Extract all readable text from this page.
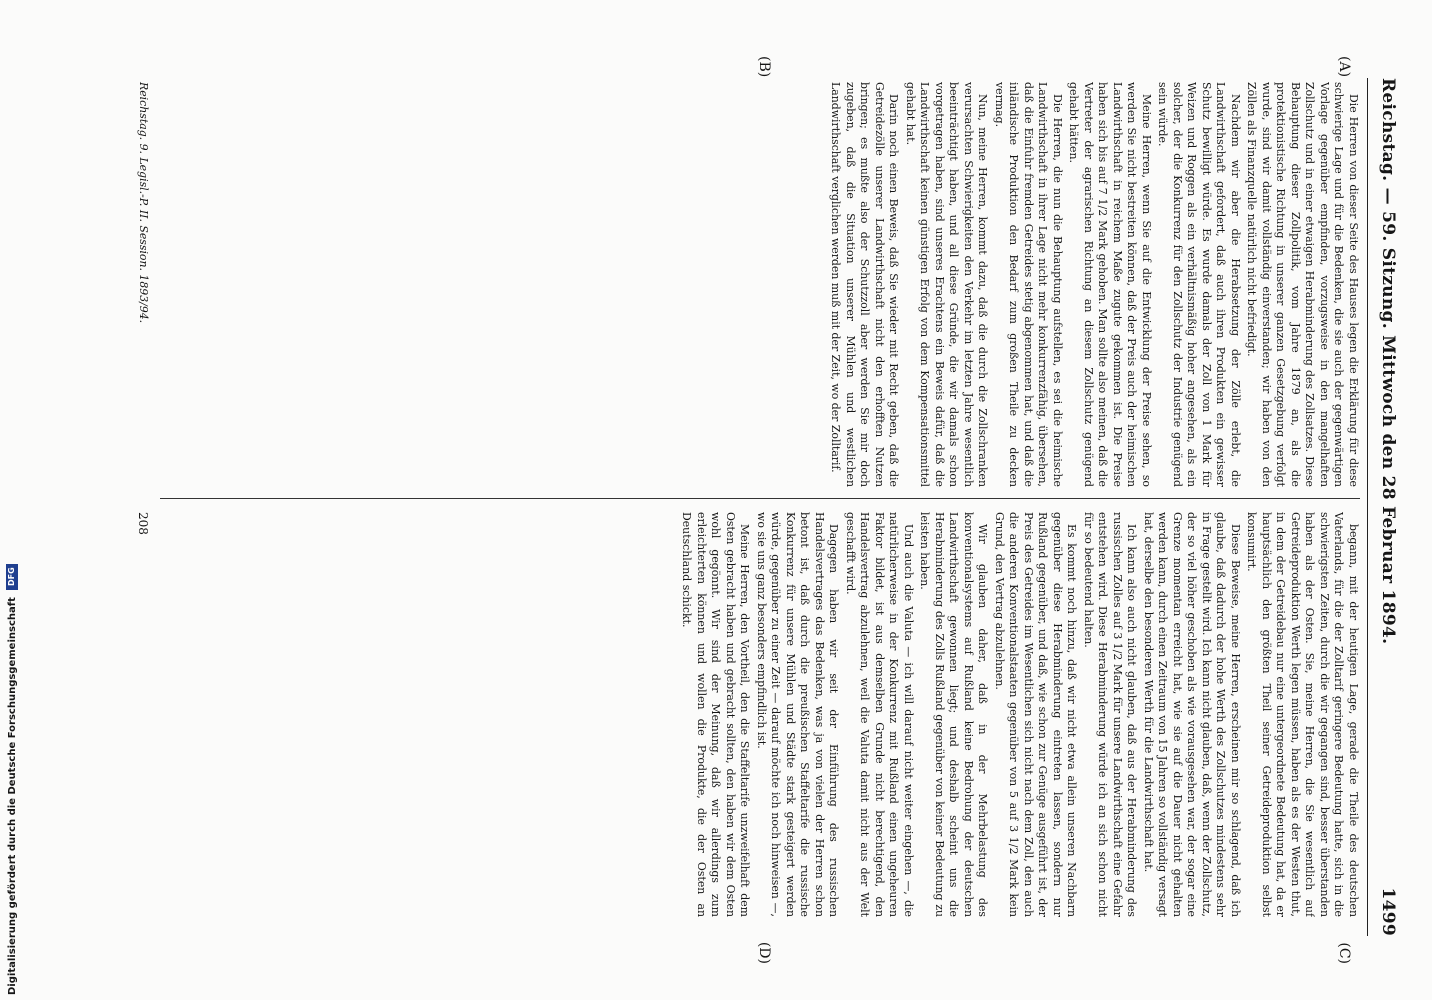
Reichstag. — 59. Sitzung. Mittwoch den 28 Februar 1894.
1499
(A)
(B)
(C)
(D)

Die Herren von dieser Seite des Hauses legen die Erklärung für diese schwierige Lage und für die Bedenken, die sie auch der gegenwärtigen Vorlage gegenüber empfinden, vorzugsweise in den mangelhaften Zollschutz und in einer etwaigen Herabminderung des Zollsatzes. Diese Behauptung dieser Zollpolitik, vom Jahre 1879 an, als die protektionistische Richtung in unserer ganzen Gesetzgebung verfolgt wurde, sind wir damit vollständig einverstanden; wir haben von den Zöllen als Finanzquelle natürlich nicht befriedigt.

Nachdem wir aber die Herabsetzung der Zölle erlebt, die Landwirthschaft gefordert, daß auch ihren Produkten ein gewisser Schutz bewilligt würde. Es wurde damals der Zoll von 1 Mark für Weizen und Roggen als ein verhältnismäßig hoher angesehen, als ein solcher, der die Konkurrenz für den Zollschutz der Industrie genügend sein würde.

Meine Herren, wenn Sie auf die Entwicklung der Preise sehen, so werden Sie nicht bestreiten können, daß der Preis auch der heimischen Landwirthschaft in reichem Maße zugute gekommen ist. Die Preise haben sich bis auf 7 1/2 Mark gehoben. Man sollte also meinen, daß die Vertreter der agrarischen Richtung an diesem Zollschutz genügend gehabt hätten.

Die Herren, die nun die Behauptung aufstellen, es sei die heimische Landwirthschaft in ihrer Lage nicht mehr konkurrenzfähig, übersehen, daß die Einfuhr fremden Getreides stetig abgenommen hat, und daß die inländische Produktion den Bedarf zum großen Theile zu decken vermag.

Nun, meine Herren, kommt dazu, daß die durch die Zollschranken verursachten Schwierigkeiten den Verkehr im letzten Jahre wesentlich beeinträchtigt haben, und all diese Gründe, die wir damals schon vorgetragen haben, sind unseres Erachtens ein Beweis dafür, daß die Landwirthschaft keinen günstigen Erfolg von dem Kompensationsmittel gehabt hat.

Darin noch einen Beweis, daß Sie wieder mit Recht geben, daß die Getreidezölle unserer Landwirthschaft nicht den erhofften Nutzen bringen; es mußte also der Schutzzoll aber werden Sie mir doch zugeben, daß die Situation unserer Mühlen und westlichen Landwirthschaft verglichen werden muß mit der Zeit, wo der Zolltarif.

begann, mit der heutigen Lage, gerade die Theile des deutschen Vaterlands, für die der Zolltarif geringere Bedeutung hatte, sich in die schwierigsten Zeiten, durch die wir gegangen sind, besser überstanden haben als der Osten. Sie, meine Herren, die Sie wesentlich auf Getreideproduktion Werth legen müssen, haben als es der Westen thut, in dem der Getreidebau nur eine untergeordnete Bedeutung hat, da er hauptsächlich den größten Theil seiner Getreideproduktion selbst konsumirt.

Diese Beweise, meine Herren, erscheinen mir so schlagend, daß ich glaube, daß dadurch der hohe Werth des Zollschutzes mindestens sehr in Frage gestellt wird. Ich kann nicht glauben, daß, wenn der Zollschutz, der so viel höher geschoben als wie vorausgesehen war, der sogar eine Grenze momentan erreicht hat, wie sie auf die Dauer nicht gehalten werden kann, durch einen Zeitraum von 15 Jahren so vollständig versagt hat, derselbe den besonderen Werth für die Landwirthschaft hat.

Ich kann also auch nicht glauben, daß aus der Herabminderung des russischen Zolles auf 3 1/2 Mark für unsere Landwirthschaft eine Gefahr entstehen wird. Diese Herabminderung würde ich an sich schon nicht für so bedeutend halten.

Es kommt noch hinzu, daß wir nicht etwa allein unseren Nachbarn gegenüber diese Herabminderung eintreten lassen, sondern nur Rußland gegenüber, und daß, wie schon zur Genüge ausgeführt ist, der Preis des Getreides im Wesentlichen sich nicht nach dem Zoll, den auch die anderen Konventionalstaaten gegenüber von 5 auf 3 1/2 Mark kein Grund, den Vertrag abzulehnen.

Wir glauben daher, daß in der Mehrbelastung des konventionalsystems auf Rußland keine Bedrohung der deutschen Landwirthschaft gewonnen liegt; und deshalb scheint uns die Herabminderung des Zolls Rußland gegenüber von keiner Bedeutung zu leisten haben.

Und auch die Valuta — ich will darauf nicht weiter eingehen —, die natürlicherweise in der Konkurrenz mit Rußland einen ungeheuren Faktor bildet, ist aus demselben Grunde nicht berechtigend, den Handelsvertrag abzulehnen, weil die Valuta damit nicht aus der Welt geschafft wird.

Dagegen haben wir seit der Einführung des russischen Handelsvertrages das Bedenken, was ja von vielen der Herren schon betont ist, daß durch die preußischen Staffeltarife die russische Konkurrenz für unsere Mühlen und Städte stark gesteigert werden würde, gegenüber zu einer Zeit — darauf möchte ich noch hinweisen —, wo sie uns ganz besonders empfindlich ist.

Meine Herren, den Vortheil, den die Staffeltarife unzweifelhaft dem Osten gebracht haben und gebracht sollten, den haben wir dem Osten wohl gegönnt. Wir sind der Meinung, daß wir allerdings zum erleichterten können und wollen die Produkte, die der Osten an Deutschland schickt.

Reichstag. 9. Legisl.-P. II. Session. 1893/94.
208
Digitalisierung gefördert durch die Deutsche Forschungsgemeinschaft DFG
